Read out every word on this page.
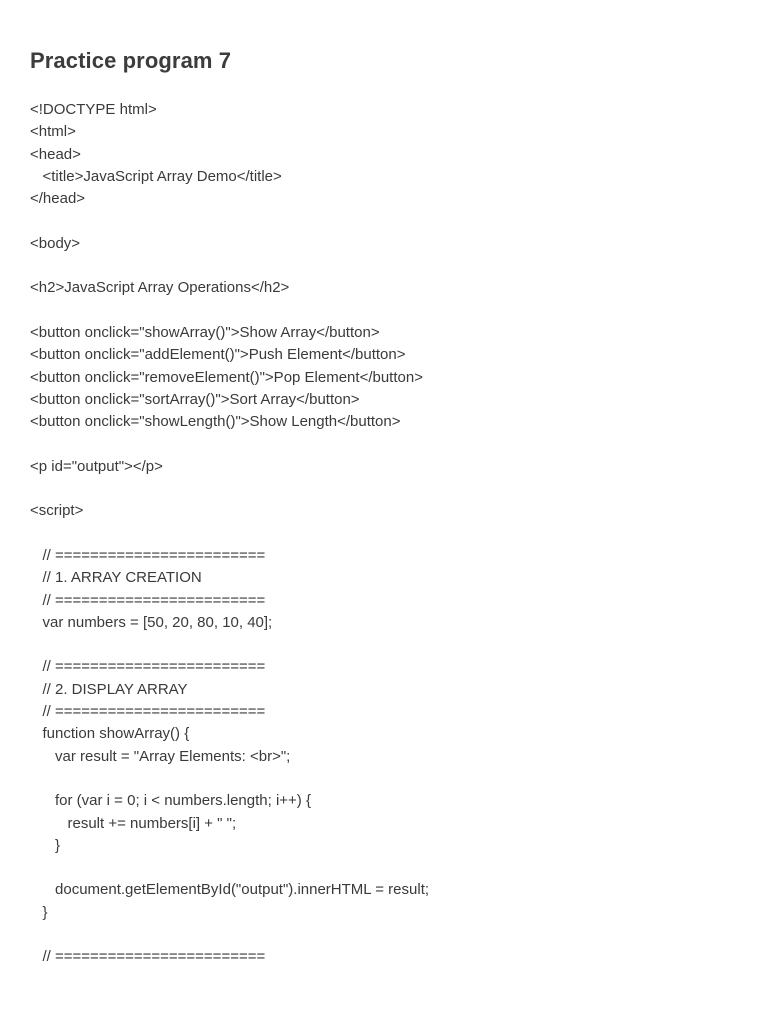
Practice program 7
<!DOCTYPE html>
<html>
<head>
<title>JavaScript Array Demo</title>
</head>
<body>
<h2>JavaScript Array Operations</h2>
<button onclick="showArray()">Show Array</button>
<button onclick="addElement()">Push Element</button>
<button onclick="removeElement()">Pop Element</button>
<button onclick="sortArray()">Sort Array</button>
<button onclick="showLength()">Show Length</button>
<p id="output"></p>
<script>
// ========================
// 1. ARRAY CREATION
// ========================
var numbers = [50, 20, 80, 10, 40];
// ========================
// 2. DISPLAY ARRAY
// ========================
function showArray() {
var result = "Array Elements: <br>";
for (var i = 0; i < numbers.length; i++) {
result += numbers[i] + " ";
}
document.getElementById("output").innerHTML = result;
}
// ========================
